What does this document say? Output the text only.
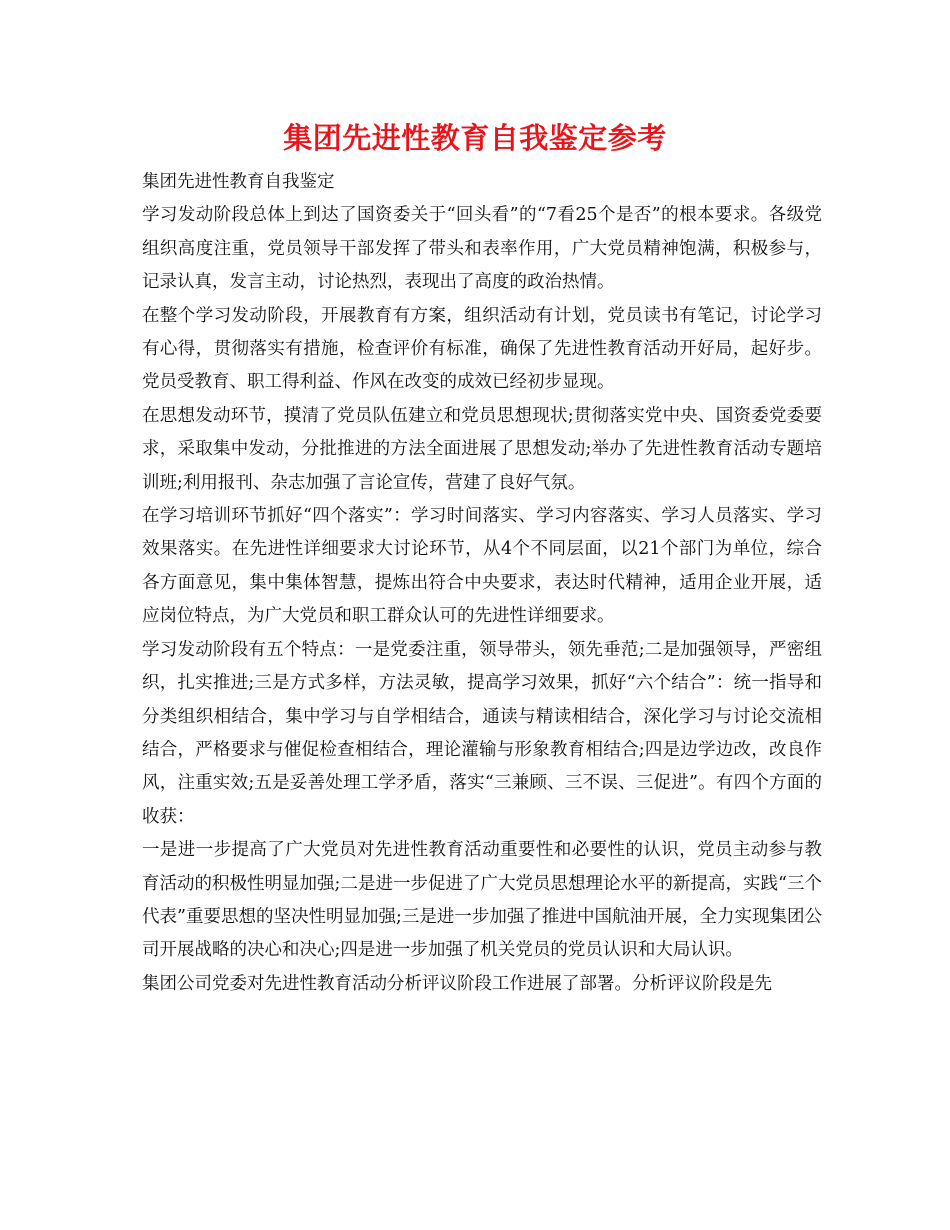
集团先进性教育自我鉴定参考

集团先进性教育自我鉴定

学习发动阶段总体上到达了国资委关于“回头看”的“7看25个是否”的根本要求。各级党组织高度注重，党员领导干部发挥了带头和表率作用，广大党员精神饱满，积极参与，记录认真，发言主动，讨论热烈，表现出了高度的政治热情。

在整个学习发动阶段，开展教育有方案，组织活动有计划，党员读书有笔记，讨论学习有心得，贯彻落实有措施，检查评价有标准，确保了先进性教育活动开好局，起好步。党员受教育、职工得利益、作风在改变的成效已经初步显现。

在思想发动环节，摸清了党员队伍建立和党员思想现状;贯彻落实党中央、国资委党委要求，采取集中发动，分批推进的方法全面进展了思想发动;举办了先进性教育活动专题培训班;利用报刊、杂志加强了言论宣传，营建了良好气氛。

在学习培训环节抓好“四个落实”：学习时间落实、学习内容落实、学习人员落实、学习效果落实。在先进性详细要求大讨论环节，从4个不同层面，以21个部门为单位，综合各方面意见，集中集体智慧，提炼出符合中央要求，表达时代精神，适用企业开展，适应岗位特点，为广大党员和职工群众认可的先进性详细要求。

学习发动阶段有五个特点：一是党委注重，领导带头，领先垂范;二是加强领导，严密组织，扎实推进;三是方式多样，方法灵敏，提高学习效果，抓好“六个结合”：统一指导和分类组织相结合，集中学习与自学相结合，通读与精读相结合，深化学习与讨论交流相结合，严格要求与催促检查相结合，理论灌输与形象教育相结合;四是边学边改，改良作风，注重实效;五是妥善处理工学矛盾，落实“三兼顾、三不误、三促进”。有四个方面的收获：

一是进一步提高了广大党员对先进性教育活动重要性和必要性的认识，党员主动参与教育活动的积极性明显加强;二是进一步促进了广大党员思想理论水平的新提高，实践“三个代表”重要思想的坚决性明显加强;三是进一步加强了推进中国航油开展，全力实现集团公司开展战略的决心和决心;四是进一步加强了机关党员的党员认识和大局认识。

集团公司党委对先进性教育活动分析评议阶段工作进展了部署。分析评议阶段是先
